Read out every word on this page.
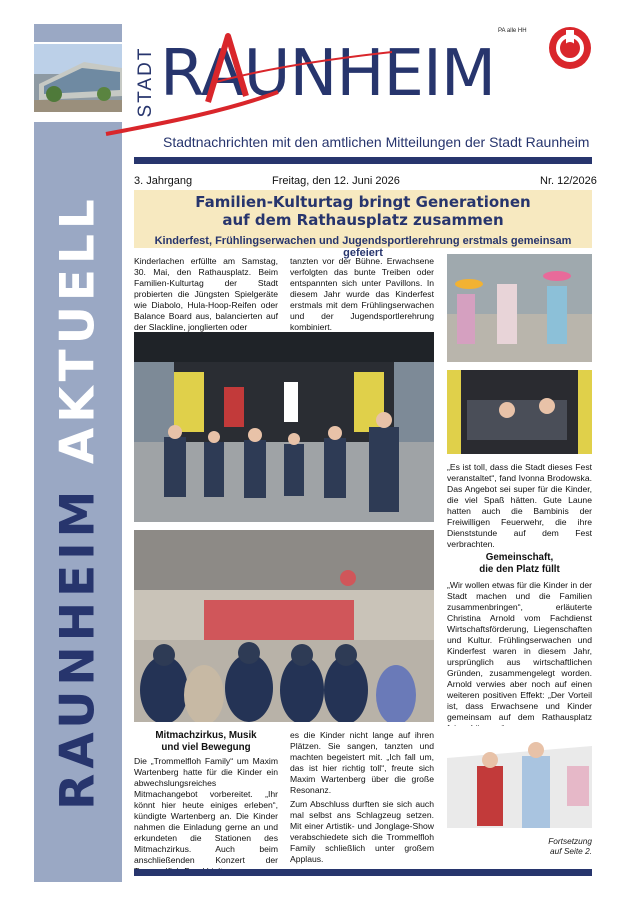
RAUNHEIM AKTUELL
STADT RAUNHEIM
PA alle HH
Stadtnachrichten mit den amtlichen Mitteilungen der Stadt Raunheim
3. Jahrgang	Freitag, den 12. Juni 2026	Nr. 12/2026
Familien-Kulturtag bringt Generationen
auf dem Rathausplatz zusammen
Kinderfest, Frühlingserwachen und Jugendsportlerehrung erstmals gemeinsam gefeiert
Kinderlachen erfüllte am Samstag, 30. Mai, den Rathausplatz. Beim Familien-Kulturtag der Stadt probierten die Jüngsten Spielgeräte wie Diabolo, Hula-Hoop-Reifen oder Balance Board aus, balancierten auf der Slackline, jonglierten oder
tanzten vor der Bühne. Erwachsene verfolgten das bunte Treiben oder entspannten sich unter Pavillons. In diesem Jahr wurde das Kinderfest erstmals mit dem Frühlingserwachen und der Jugendsportlerehrung kombiniert.
„Es ist toll, dass die Stadt dieses Fest veranstaltet“, fand Ivonna Brodowska. Das Angebot sei super für die Kinder, die viel Spaß hätten. Gute Laune hatten auch die Bambinis der Freiwilligen Feuerwehr, die ihre Dienststunde auf dem Fest verbrachten.
Gemeinschaft,
die den Platz füllt
„Wir wollen etwas für die Kinder in der Stadt machen und die Familien zusammenbringen“, erläuterte Christina Arnold vom Fachdienst Wirtschaftsförderung, Liegenschaften und Kultur. Frühlingserwachen und Kinderfest waren in diesem Jahr, ursprünglich aus wirtschaftlichen Gründen, zusammengelegt worden. Arnold verwies aber noch auf einen weiteren positiven Effekt: „Der Vorteil ist, dass Erwachsene und Kinder gemeinsam auf dem Rathausplatz
Fortsetzung
auf Seite 2.
Mitmachzirkus, Musik
und viel Bewegung
Die „Trommelfloh Family“ um Maxim Wartenberg hatte für die Kinder ein abwechslungsreiches Mitmachangebot vorbereitet. „Ihr könnt hier heute einiges erleben“, kündigte Wartenberg an. Die Kinder nahmen die Einladung gerne an und erkundeten die Stationen des Mitmachzirkus. Auch beim anschließenden Konzert der
es die Kinder nicht lange auf ihren Plätzen. Sie sangen, tanzten und machten begeistert mit. „Ich fall um, das ist hier richtig toll“, freute sich Maxim Wartenberg über die große Resonanz.
Zum Abschluss durften sie sich auch mal selbst ans Schlagzeug setzen. Mit einer Artistik- und Jonglage-Show verabschiedete sich die Trommelfloh Family schließlich unter großem Applaus.
